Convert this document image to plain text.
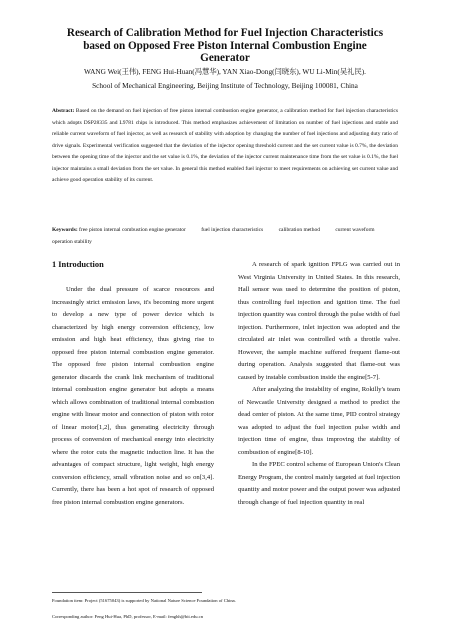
Research of Calibration Method for Fuel Injection Characteristics
based on Opposed Free Piston Internal Combustion Engine
Generator
WANG Wei(王伟), FENG Hui-Huan(冯慧华), YAN Xiao-Dong(闫晓东), WU Li-Min(吴礼民).
School of Mechanical Engineering, Beijing Institute of Technology, Beijing 100081, China
Abstract: Based on the demand on fuel injection of free piston internal combustion engine generator, a calibration method for fuel injection characteristics which adopts DSP28335 and L9781 chips is introduced. This method emphasizes achievement of limitation on number of fuel injections and stable and reliable current waveform of fuel injector, as well as research of stability with adoption by changing the number of fuel injections and adjusting duty ratio of drive signals. Experimental verification suggested that the deviation of the injector opening threshold current and the set current value is 0.7%, the deviation between the opening time of the injector and the set value is 0.1%, the deviation of the injector current maintenance time from the set value is 0.1%, the fuel injector maintains a small deviation from the set value. In general this method enabled fuel injector to meet requirements on achieving set current value and achieve good operation stability of its current.
Keywords: free piston internal combustion engine generator	fuel injection characteristics	calibration method	current waveform operation stability
1 Introduction
Under the dual pressure of scarce resources and increasingly strict emission laws, it's becoming more urgent to develop a new type of power device which is characterized by high energy conversion efficiency, low emission and high heat efficiency, thus giving rise to opposed free piston internal combustion engine generator. The opposed free piston internal combustion engine generator discards the crank link mechanism of traditional internal combustion engine generator but adopts a means which allows combination of traditional internal combustion engine with linear motor and connection of piston with rotor of linear motor[1,2], thus generating electricity through process of conversion of mechanical energy into electricity where the rotor cuts the magnetic induction line. It has the advantages of compact structure, light weight, high energy conversion efficiency, small vibration noise and so on[3,4]. Currently, there has been a hot spot of research of opposed free piston internal combustion engine generators.
A research of spark ignition FPLG was carried out in West Virginia University in United States. In this research, Hall sensor was used to determine the position of piston, thus controlling fuel injection and ignition time. The fuel injection quantity was control through the pulse width of fuel injection. Furthermore, inlet injection was adopted and the circulated air inlet was controlled with a throttle valve. However, the sample machine suffered frequent flame-out during operation. Analysis suggested that flame-out was caused by instable combustion inside the engine[5-7].
After analyzing the instability of engine, Rokilly's team of Newcastle University designed a method to predict the dead center of piston. At the same time, PID control strategy was adopted to adjust the fuel injection pulse width and injection time of engine, thus improving the stability of combustion of engine[8-10].
In the FPEC control scheme of European Union's Clean Energy Program, the control mainly targeted at fuel injection quantity and motor power and the output power was adjusted through change of fuel injection quantity in real
Foundation item: Project (51675043) is supported by National Nature Science Foundation of China.
Corresponding author: Feng Hui-Hua, PhD, professor, E-mail: fenghh@bit.edu.cn
